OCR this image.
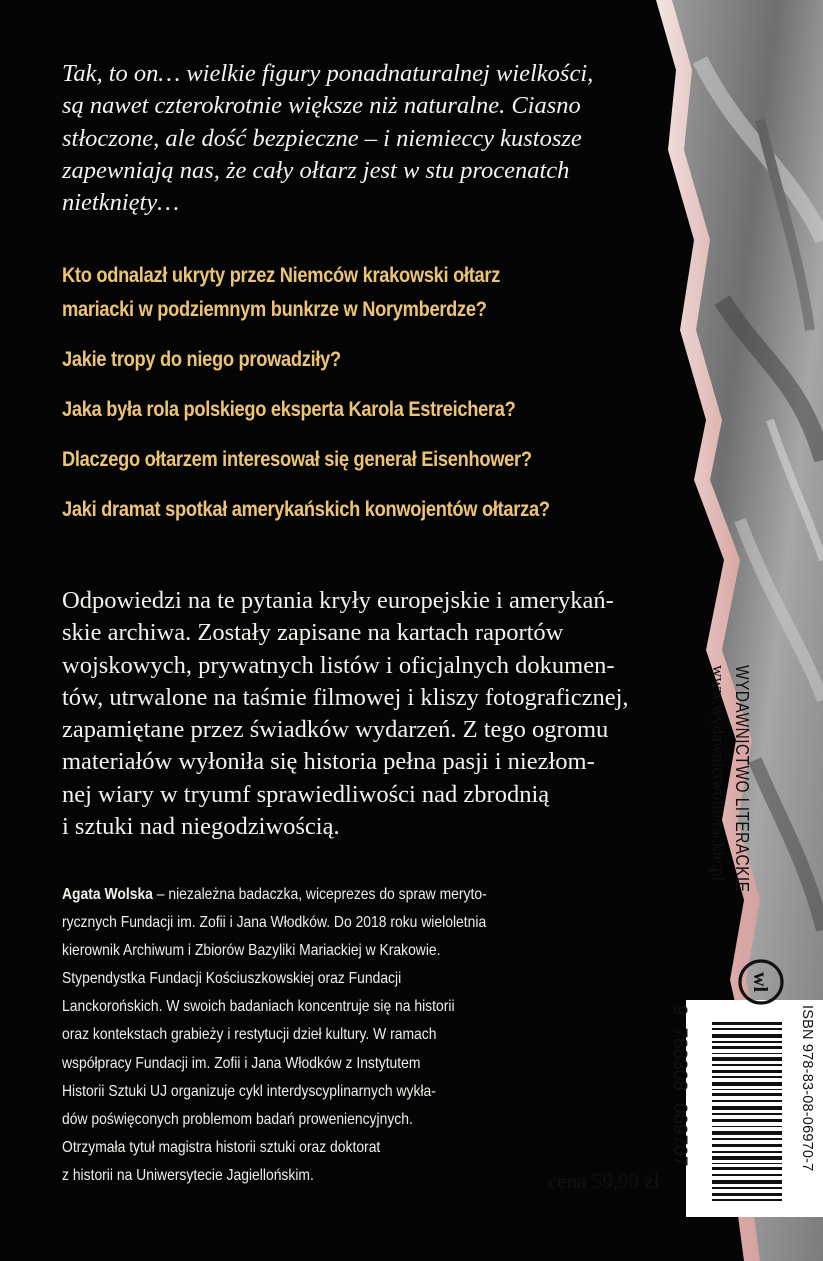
Tak, to on… wielkie figury ponadnaturalnej wielkości,
są nawet czterokrotnie większe niż naturalne. Ciasno
stłoczone, ale dość bezpieczne – i niemieccy kustosze
zapewniają nas, że cały ołtarz jest w stu procenatch
nietknięty…

Kto odnalazł ukryty przez Niemców krakowski ołtarz
mariacki w podziemnym bunkrze w Norymberdze?
Jakie tropy do niego prowadziły?
Jaka była rola polskiego eksperta Karola Estreichera?
Dlaczego ołtarzem interesował się generał Eisenhower?
Jaki dramat spotkał amerykańskich konwojentów ołtarza?

Odpowiedzi na te pytania kryły europejskie i amerykań-
skie archiwa. Zostały zapisane na kartach raportów
wojskowych, prywatnych listów i oficjalnych dokumen-
tów, utrwalone na taśmie filmowej i kliszy fotograficznej,
zapamiętane przez świadków wydarzeń. Z tego ogromu
materiałów wyłoniła się historia pełna pasji i niezłom-
nej wiary w tryumf sprawiedliwości nad zbrodnią
i sztuki nad niegodziwością.

Agata Wolska – niezależna badaczka, wiceprezes do spraw meryto-
rycznych Fundacji im. Zofii i Jana Włodków. Do 2018 roku wieloletnia
kierownik Archiwum i Zbiorów Bazyliki Mariackiej w Krakowie.
Stypendystka Fundacji Kościuszkowskiej oraz Fundacji
Lanckorońskich. W swoich badaniach koncentruje się na historii
oraz kontekstach grabieży i restytucji dzieł kultury. W ramach
współpracy Fundacji im. Zofii i Jana Włodków z Instytutem
Historii Sztuki UJ organizuje cykl interdyscyplinarnych wykła-
dów poświęconych problemom badań proweniencyjnych.
Otrzymała tytuł magistra historii sztuki oraz doktorat
z historii na Uniwersytecie Jagiellońskim.

WYDAWNICTWO LITERACKIE
www.wydawnictwoliterackie.pl
wl
ISBN 978-83-08-06970-7
9788308069707
cena 59,90 zł
